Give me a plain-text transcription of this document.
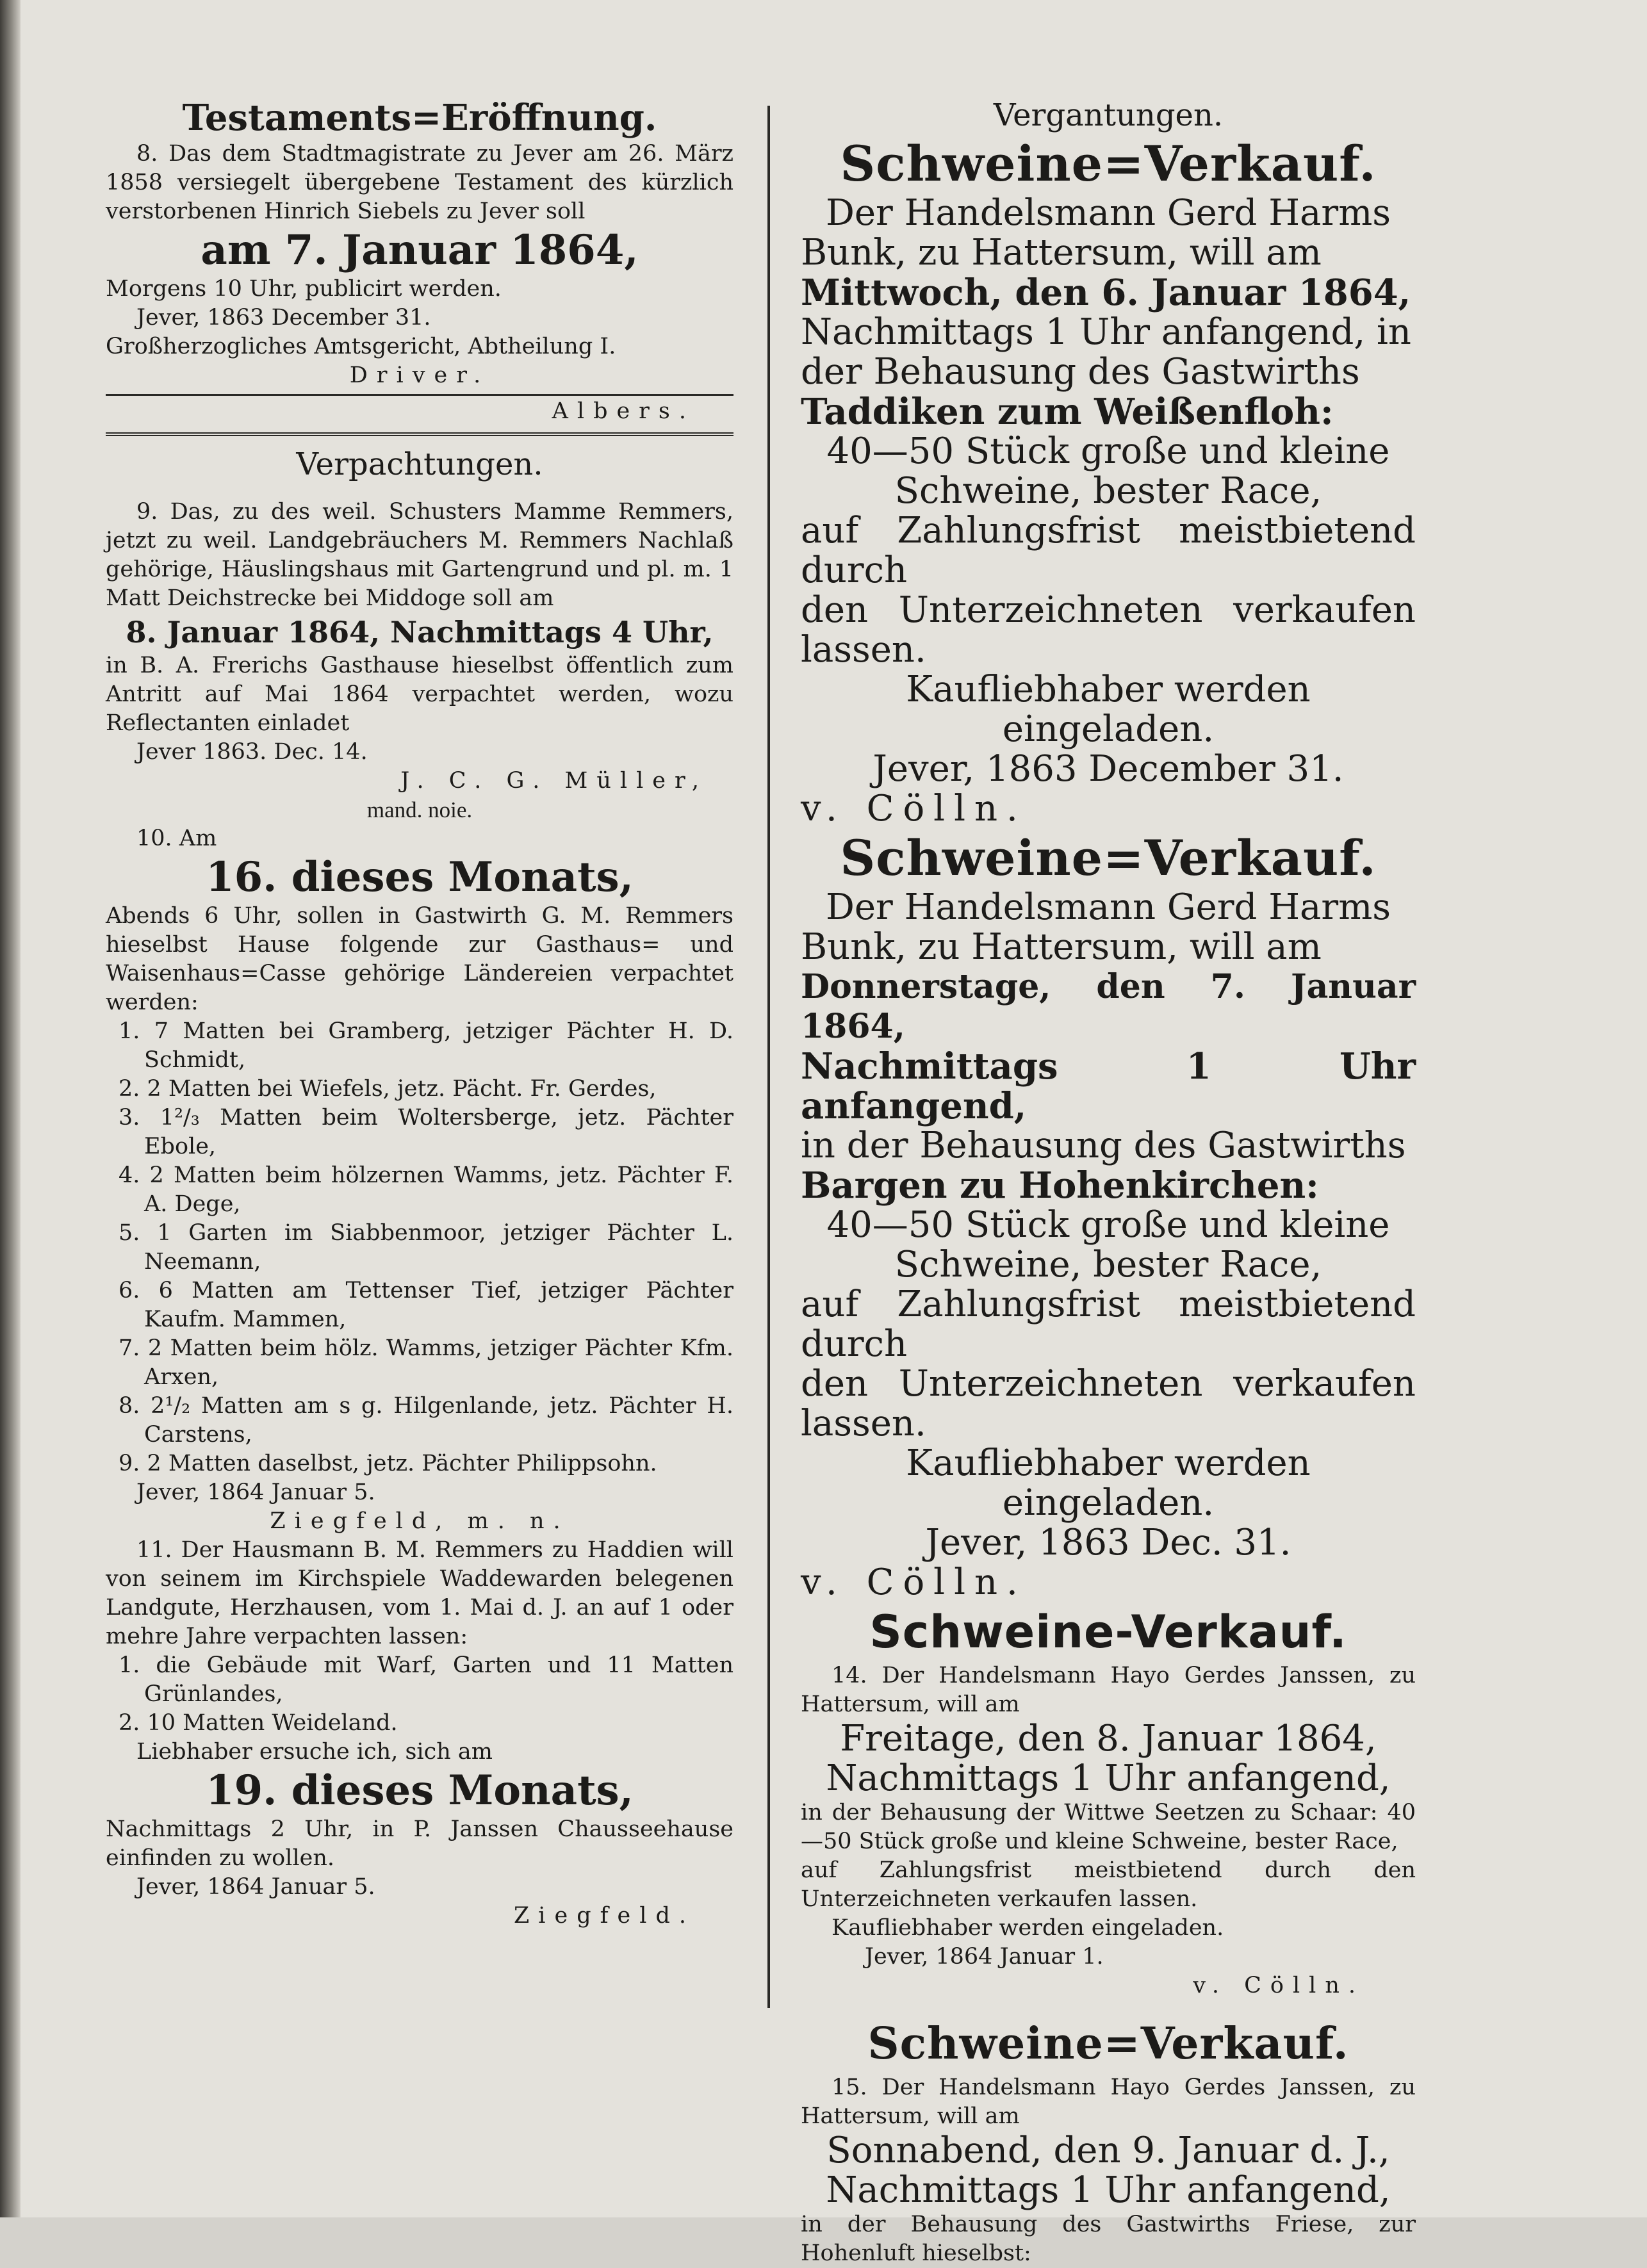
Testaments=Eröffnung.

8. Das dem Stadtmagistrate zu Jever am 26. März 1858 versiegelt übergebene Testament des kürzlich verstorbenen Hinrich Siebels zu Jever soll

am 7. Januar 1864,

Morgens 10 Uhr, publicirt werden.

Jever, 1863 December 31.

Großherzogliches Amtsgericht, Abtheilung I.

Driver.

Albers.

Verpachtungen.

9. Das, zu des weil. Schusters Mamme Remmers, jetzt zu weil. Landgebräuchers M. Remmers Nachlaß gehörige, Häuslingshaus mit Gartengrund und pl. m. 1 Matt Deichstrecke bei Middoge soll am

8. Januar 1864, Nachmittags 4 Uhr,

in B. A. Frerichs Gasthause hieselbst öffentlich zum Antritt auf Mai 1864 verpachtet werden, wozu Reflectanten einladet

Jever 1863. Dec. 14.

J. C. G. Müller,

mand. noie.

10. Am

16. dieses Monats,

Abends 6 Uhr, sollen in Gastwirth G. M. Remmers hieselbst Hause folgende zur Gasthaus= und Waisenhaus=Casse gehörige Ländereien verpachtet werden:

1. 7 Matten bei Gramberg, jetziger Pächter H. D. Schmidt,

2. 2 Matten bei Wiefels, jetz. Pächt. Fr. Gerdes,

3. 1²/₃ Matten beim Woltersberge, jetz. Pächter Ebole,

4. 2 Matten beim hölzernen Wamms, jetz. Pächter F. A. Dege,

5. 1 Garten im Siabbenmoor, jetziger Pächter L. Neemann,

6. 6 Matten am Tettenser Tief, jetziger Pächter Kaufm. Mammen,

7. 2 Matten beim hölz. Wamms, jetziger Pächter Kfm. Arxen,

8. 2¹/₂ Matten am s g. Hilgenlande, jetz. Pächter H. Carstens,

9. 2 Matten daselbst, jetz. Pächter Philippsohn.

Jever, 1864 Januar 5.

Ziegfeld, m. n.

11. Der Hausmann B. M. Remmers zu Haddien will von seinem im Kirchspiele Waddewarden belegenen Landgute, Herzhausen, vom 1. Mai d. J. an auf 1 oder mehre Jahre verpachten lassen:

1. die Gebäude mit Warf, Garten und 11 Matten Grünlandes,

2. 10 Matten Weideland.

Liebhaber ersuche ich, sich am

19. dieses Monats,

Nachmittags 2 Uhr, in P. Janssen Chausseehause einfinden zu wollen.

Jever, 1864 Januar 5.

Ziegfeld.

Vergantungen.

Schweine=Verkauf.

Der Handelsmann Gerd Harms

Bunk, zu Hattersum, will am

Mittwoch, den 6. Januar 1864,

Nachmittags 1 Uhr anfangend, in

der Behausung des Gastwirths

Taddiken zum Weißenfloh:

40—50 Stück große und kleine

Schweine, bester Race,

auf Zahlungsfrist meistbietend durch

den Unterzeichneten verkaufen lassen.

Kaufliebhaber werden eingeladen.

Jever, 1863 December 31.

v. Cölln.

Schweine=Verkauf.

Der Handelsmann Gerd Harms

Bunk, zu Hattersum, will am

Donnerstage, den 7. Januar 1864,

Nachmittags 1 Uhr anfangend,

in der Behausung des Gastwirths

Bargen zu Hohenkirchen:

40—50 Stück große und kleine

Schweine, bester Race,

auf Zahlungsfrist meistbietend durch

den Unterzeichneten verkaufen lassen.

Kaufliebhaber werden eingeladen.

Jever, 1863 Dec. 31.

v. Cölln.

Schweine-Verkauf.

14. Der Handelsmann Hayo Gerdes Janssen, zu Hattersum, will am

Freitage, den 8. Januar 1864,

Nachmittags 1 Uhr anfangend,

in der Behausung der Wittwe Seetzen zu Schaar: 40—50 Stück große und kleine Schweine, bester Race,

auf Zahlungsfrist meistbietend durch den Unterzeichneten verkaufen lassen.

Kaufliebhaber werden eingeladen.

Jever, 1864 Januar 1.

v. Cölln.

Schweine=Verkauf.

15. Der Handelsmann Hayo Gerdes Janssen, zu Hattersum, will am

Sonnabend, den 9. Januar d. J.,

Nachmittags 1 Uhr anfangend,

in der Behausung des Gastwirths Friese, zur Hohenluft hieselbst:
